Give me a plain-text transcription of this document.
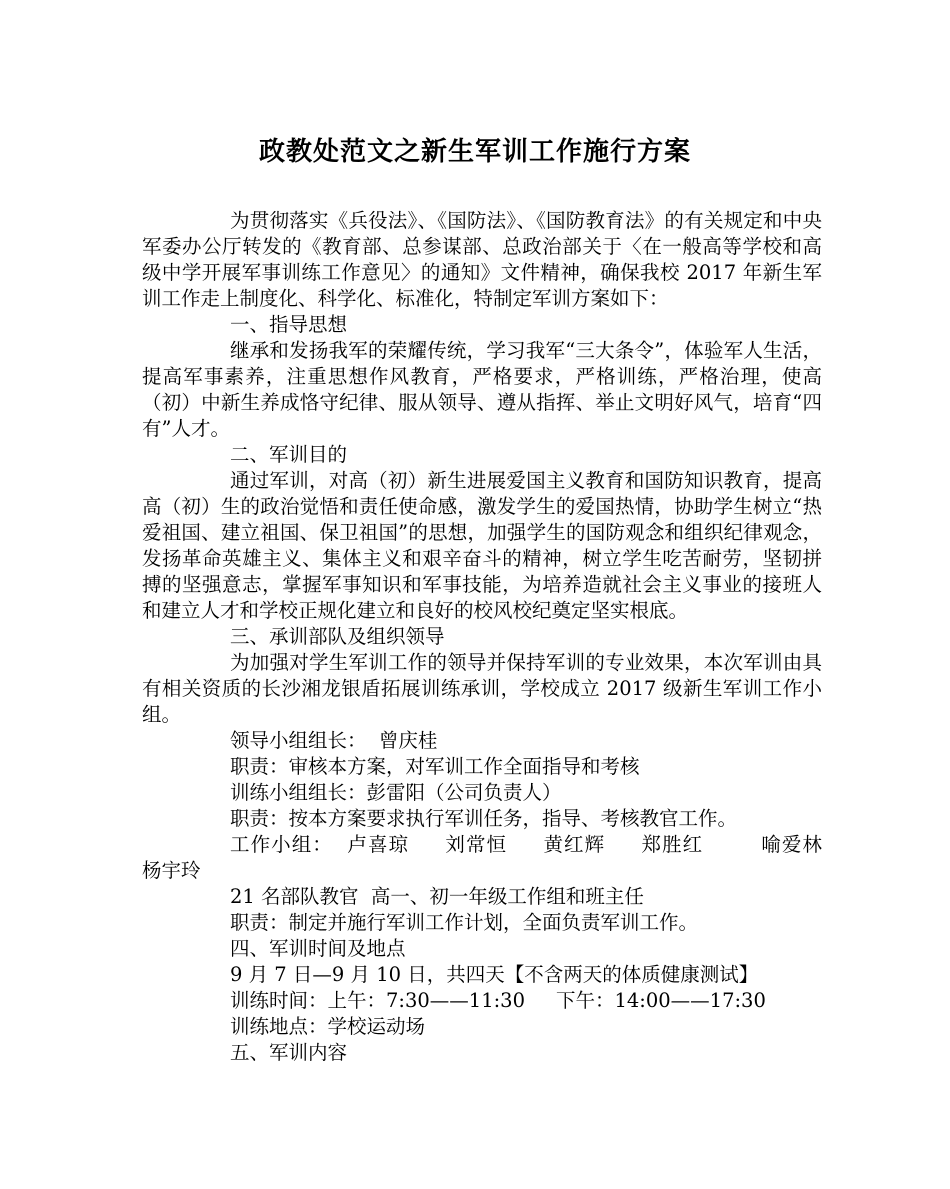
政教处范文之新生军训工作施行方案

为贯彻落实《兵役法》、《国防法》、《国防教育法》的有关规定和中央军委办公厅转发的《教育部、总参谋部、总政治部关于〈在一般高等学校和高级中学开展军事训练工作意见〉的通知》文件精神，确保我校 2017 年新生军训工作走上制度化、科学化、标准化，特制定军训方案如下：

一、指导思想

继承和发扬我军的荣耀传统，学习我军“三大条令”，体验军人生活，提高军事素养，注重思想作风教育，严格要求，严格训练，严格治理，使高（初）中新生养成恪守纪律、服从领导、遵从指挥、举止文明好风气，培育“四有”人才。

二、军训目的

通过军训，对高（初）新生进展爱国主义教育和国防知识教育，提高高（初）生的政治觉悟和责任使命感，激发学生的爱国热情，协助学生树立“热爱祖国、建立祖国、保卫祖国”的思想，加强学生的国防观念和组织纪律观念，发扬革命英雄主义、集体主义和艰辛奋斗的精神，树立学生吃苦耐劳，坚韧拼搏的坚强意志，掌握军事知识和军事技能，为培养造就社会主义事业的接班人和建立人才和学校正规化建立和良好的校风校纪奠定坚实根底。

三、承训部队及组织领导

为加强对学生军训工作的领导并保持军训的专业效果，本次军训由具有相关资质的长沙湘龙银盾拓展训练承训，学校成立 2017 级新生军训工作小组。

领导小组组长：  曾庆桂

职责：审核本方案，对军训工作全面指导和考核

训练小组组长：彭雷阳（公司负责人）

职责：按本方案要求执行军训任务，指导、考核教官工作。

工作小组：  卢喜琼     刘常恒     黄红辉     郑胜红        喻爱林     杨宇玲

21 名部队教官  高一、初一年级工作组和班主任

职责：制定并施行军训工作计划，全面负责军训工作。

四、军训时间及地点

9 月 7 日—9 月 10 日，共四天【不含两天的体质健康测试】

训练时间：上午：7:30——11:30     下午：14:00——17:30

训练地点：学校运动场

五、军训内容
